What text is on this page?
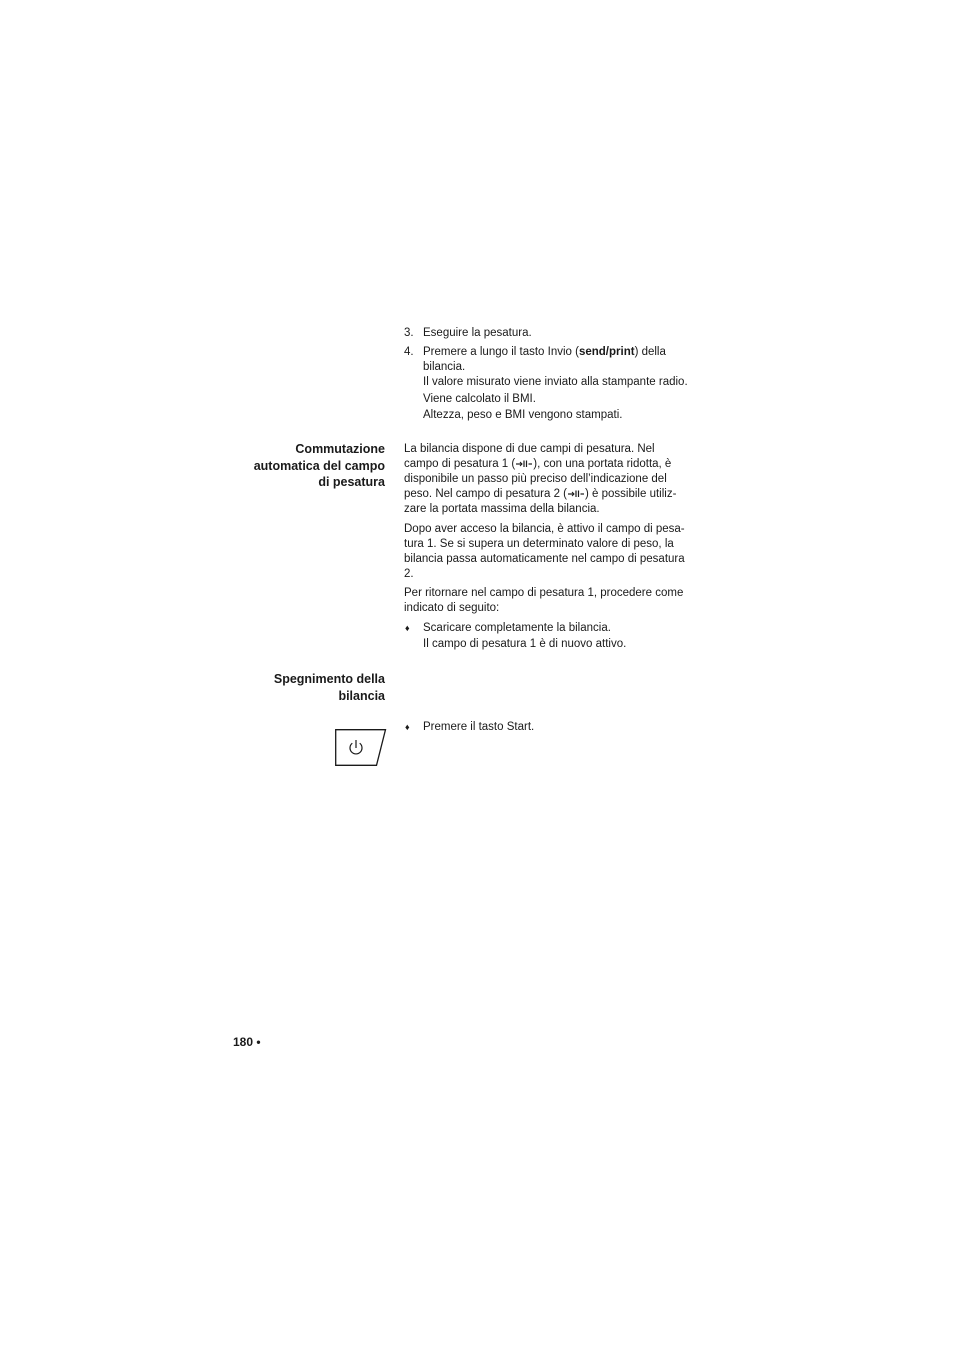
3. Eseguire la pesatura.
4. Premere a lungo il tasto Invio (send/print) della bilancia.
Il valore misurato viene inviato alla stampante radio.
Viene calcolato il BMI.
Altezza, peso e BMI vengono stampati.
Commutazione
automatica del campo
di pesatura
La bilancia dispone di due campi di pesatura. Nel
campo di pesatura 1 ( ), con una portata ridotta, è
disponibile un passo più preciso dell’indicazione del
peso. Nel campo di pesatura 2 ( ) è possibile utiliz-
zare la portata massima della bilancia.
Dopo aver acceso la bilancia, è attivo il campo di pesa-
tura 1. Se si supera un determinato valore di peso, la
bilancia passa automaticamente nel campo di pesatura
2.
Per ritornare nel campo di pesatura 1, procedere come
indicato di seguito:
♦ Scaricare completamente la bilancia.
Il campo di pesatura 1 è di nuovo attivo.
Spegnimento della
bilancia
♦ Premere il tasto Start.
180 •
